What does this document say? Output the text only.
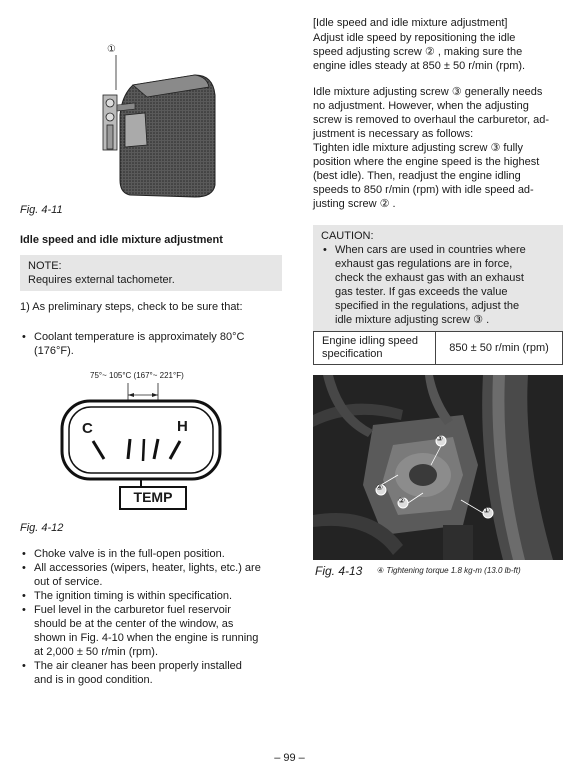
①
Fig. 4-11
Idle speed and idle mixture adjustment
NOTE:
Requires external tachometer.
1) As preliminary steps, check to be sure that:
• Coolant temperature is approximately 80°C
(176°F).
75°~ 105°C (167°~ 221°F)
C	H
TEMP
Fig. 4-12
• Choke valve is in the full-open position.
• All accessories (wipers, heater, lights, etc.) are
out of service.
• The ignition timing is within specification.
• Fuel level in the carburetor fuel reservoir
should be at the center of the window, as
shown in Fig. 4-10 when the engine is running
at 2,000 ± 50 r/min (rpm).
• The air cleaner has been properly installed
and is in good condition.
[Idle speed and idle mixture adjustment]
Adjust idle speed by repositioning the idle
speed adjusting screw ② , making sure the
engine idles steady at 850 ± 50 r/min (rpm).
Idle mixture adjusting screw ③ generally needs
no adjustment. However, when the adjusting
screw is removed to overhaul the carburetor, ad-
justment is necessary as follows:
Tighten idle mixture adjusting screw ③ fully
position where the engine speed is the highest
(best idle). Then, readjust the engine idling
speeds to 850 r/min (rpm) with idle speed ad-
justing screw ② .
CAUTION:
• When cars are used in countries where
exhaust gas regulations are in force,
check the exhaust gas with an exhaust
gas tester. If gas exceeds the value
specified in the regulations, adjust the
idle mixture adjusting screw ③ .
Engine idling speed
specification	850 ± 50 r/min (rpm)
③
④
②
①
Fig. 4-13 ④ Tightening torque 1.8 kg-m (13.0 lb-ft)
– 99 –
